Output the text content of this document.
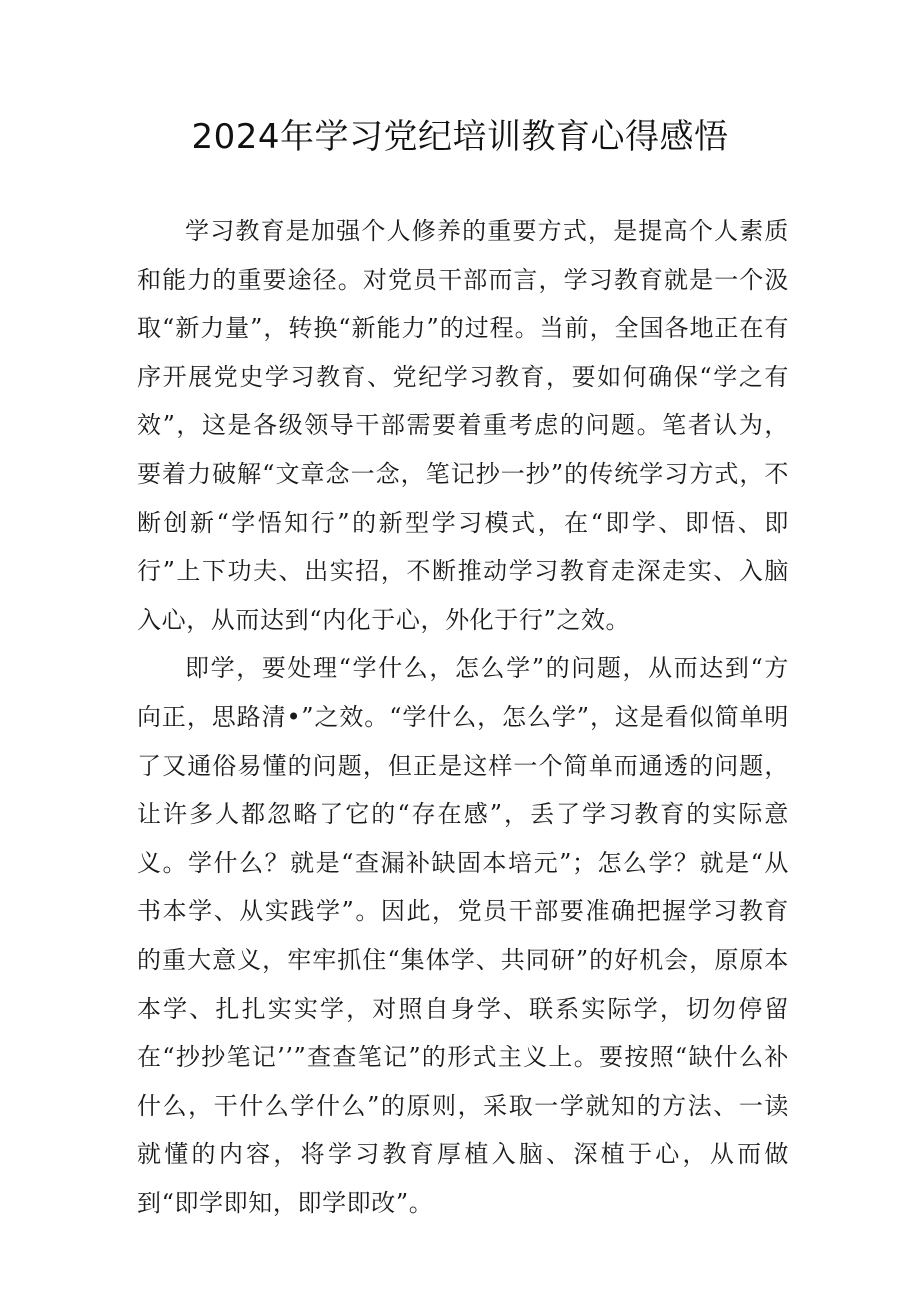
2024年学习党纪培训教育心得感悟

学习教育是加强个人修养的重要方式，是提高个人素质和能力的重要途径。对党员干部而言，学习教育就是一个汲取“新力量”，转换“新能力”的过程。当前，全国各地正在有序开展党史学习教育、党纪学习教育，要如何确保“学之有效”，这是各级领导干部需要着重考虑的问题。笔者认为，要着力破解“文章念一念，笔记抄一抄”的传统学习方式，不断创新“学悟知行”的新型学习模式，在“即学、即悟、即行”上下功夫、出实招，不断推动学习教育走深走实、入脑入心，从而达到“内化于心，外化于行”之效。

即学，要处理“学什么，怎么学”的问题，从而达到“方向正，思路清•”之效。“学什么，怎么学”，这是看似简单明了又通俗易懂的问题，但正是这样一个简单而通透的问题，让许多人都忽略了它的“存在感”，丢了学习教育的实际意义。学什么？就是“查漏补缺固本培元”；怎么学？就是“从书本学、从实践学”。因此，党员干部要准确把握学习教育的重大意义，牢牢抓住“集体学、共同研”的好机会，原原本本学、扎扎实实学，对照自身学、联系实际学，切勿停留在“抄抄笔记’’”查查笔记”的形式主义上。要按照“缺什么补什么，干什么学什么”的原则，采取一学就知的方法、一读就懂的内容，将学习教育厚植入脑、深植于心，从而做到“即学即知，即学即改”。
